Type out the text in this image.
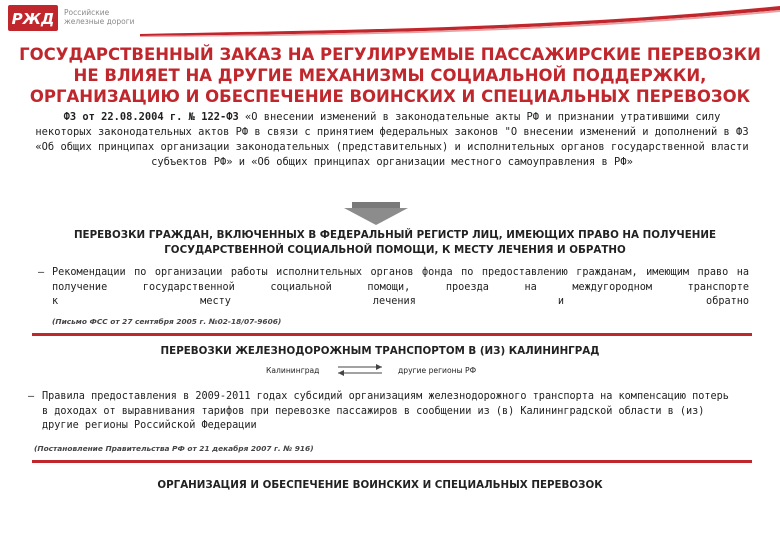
РЖД Российские
железные дороги
ГОСУДАРСТВЕННЫЙ ЗАКАЗ НА РЕГУЛИРУЕМЫЕ ПАССАЖИРСКИЕ ПЕРЕВОЗКИ НЕ ВЛИЯЕТ НА ДРУГИЕ МЕХАНИЗМЫ СОЦИАЛЬНОЙ ПОДДЕРЖКИ, ОРГАНИЗАЦИЮ И ОБЕСПЕЧЕНИЕ ВОИНСКИХ И СПЕЦИАЛЬНЫХ ПЕРЕВОЗОК
ФЗ от 22.08.2004 г. № 122-ФЗ «О внесении изменений в законодательные акты РФ и признании утратившими силу некоторых законодательных актов РФ в связи с принятием федеральных законов "О внесении изменений и дополнений в ФЗ «Об общих принципах организации законодательных (представительных) и исполнительных органов государственной власти субъектов РФ» и «Об общих принципах организации местного самоуправления в РФ»
ПЕРЕВОЗКИ ГРАЖДАН, ВКЛЮЧЕННЫХ В ФЕДЕРАЛЬНЫЙ РЕГИСТР ЛИЦ, ИМЕЮЩИХ ПРАВО НА ПОЛУЧЕНИЕ ГОСУДАРСТВЕННОЙ СОЦИАЛЬНОЙ ПОМОЩИ, К МЕСТУ ЛЕЧЕНИЯ И ОБРАТНО
– Рекомендации по организации работы исполнительных органов фонда по предоставлению гражданам, имеющим право на получение государственной социальной помощи, проезда на междугородном транспорте
к месту лечения и обратно
(Письмо ФСС от 27 сентября 2005 г. №02-18/07-9606)
ПЕРЕВОЗКИ ЖЕЛЕЗНОДОРОЖНЫМ ТРАНСПОРТОМ В (ИЗ) КАЛИНИНГРАД
Калининград	другие регионы РФ
– Правила предоставления в 2009-2011 годах субсидий организациям железнодорожного транспорта на компенсацию потерь в доходах от выравнивания тарифов при перевозке пассажиров в сообщении из (в) Калининградской области в (из) другие регионы Российской Федерации
(Постановление Правительства РФ от 21 декабря 2007 г. № 916)
ОРГАНИЗАЦИЯ И ОБЕСПЕЧЕНИЕ ВОИНСКИХ И СПЕЦИАЛЬНЫХ ПЕРЕВОЗОК
